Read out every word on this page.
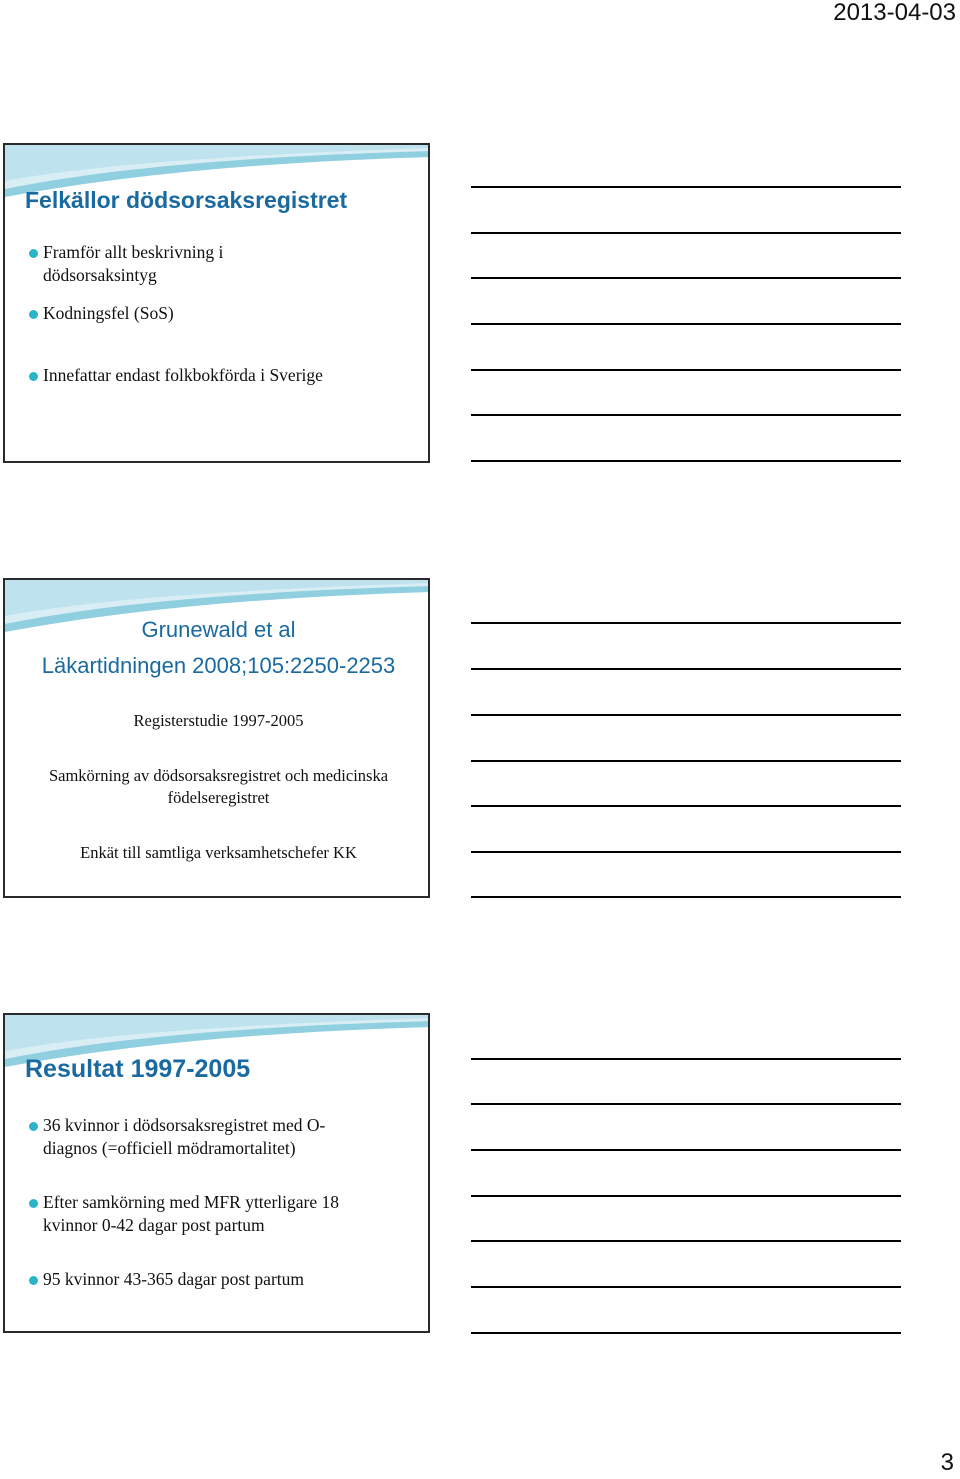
2013-04-03
Felkällor dödsorsaksregistret
Framför allt beskrivning i dödsorsaksintyg
Kodningsfel (SoS)
Innefattar endast folkbokförda i Sverige
Grunewald et al
Läkartidningen 2008;105:2250-2253
Registerstudie 1997-2005
Samkörning av dödsorsaksregistret och medicinska födelseregistret
Enkät till samtliga verksamhetschefer KK
Resultat 1997-2005
36 kvinnor i dödsorsaksregistret med O-diagnos (=officiell mödramortalitet)
Efter samkörning med MFR ytterligare 18 kvinnor 0-42 dagar post partum
95 kvinnor 43-365 dagar post partum
3
